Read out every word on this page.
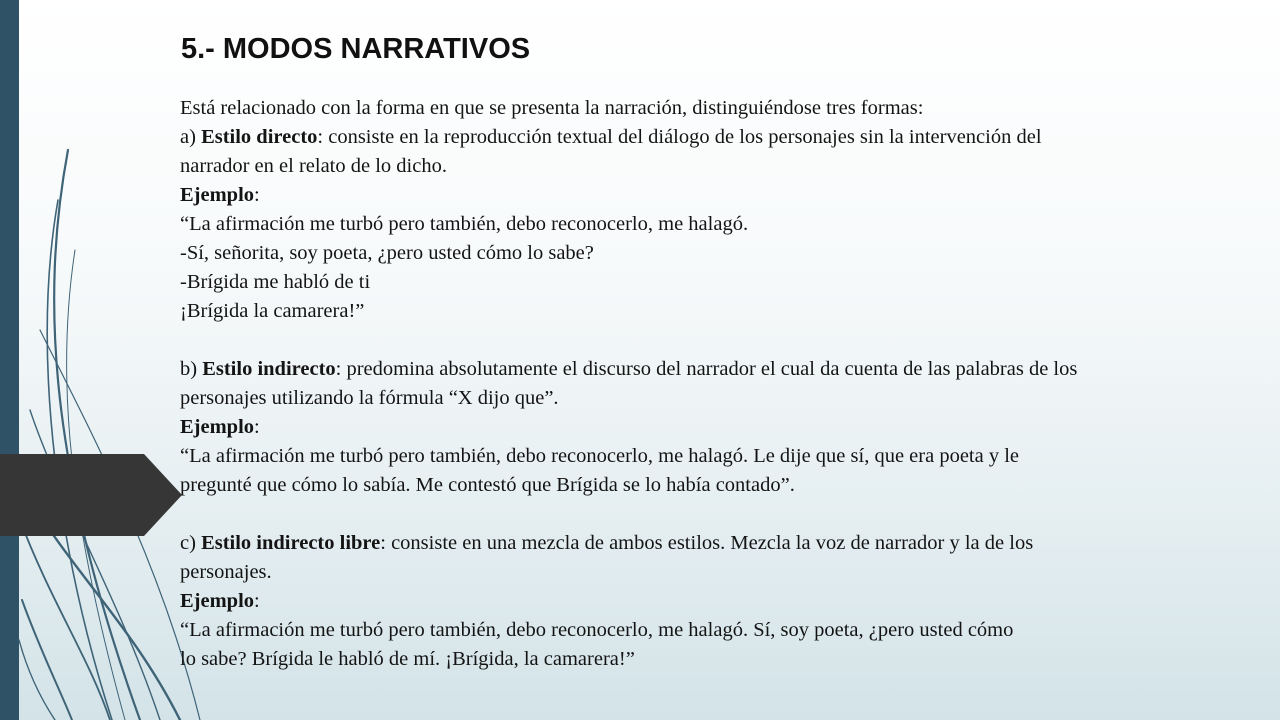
5.- MODOS NARRATIVOS
Está relacionado con la forma en que se presenta la narración, distinguiéndose tres formas:
a) Estilo directo: consiste en la reproducción textual del diálogo de los personajes sin la intervención del
narrador en el relato de lo dicho.
Ejemplo:
“La afirmación me turbó pero también, debo reconocerlo, me halagó.
-Sí, señorita, soy poeta, ¿pero usted cómo lo sabe?
-Brígida me habló de ti
¡Brígida la camarera!”
b) Estilo indirecto: predomina absolutamente el discurso del narrador el cual da cuenta de las palabras de los
personajes utilizando la fórmula “X dijo que”.
Ejemplo:
“La afirmación me turbó pero también, debo reconocerlo, me halagó. Le dije que sí, que era poeta y le
pregunté que cómo lo sabía. Me contestó que Brígida se lo había contado”.
c) Estilo indirecto libre: consiste en una mezcla de ambos estilos. Mezcla la voz de narrador y la de los
personajes.
Ejemplo:
“La afirmación me turbó pero también, debo reconocerlo, me halagó. Sí, soy poeta, ¿pero usted cómo
lo sabe? Brígida le habló de mí. ¡Brígida, la camarera!”
